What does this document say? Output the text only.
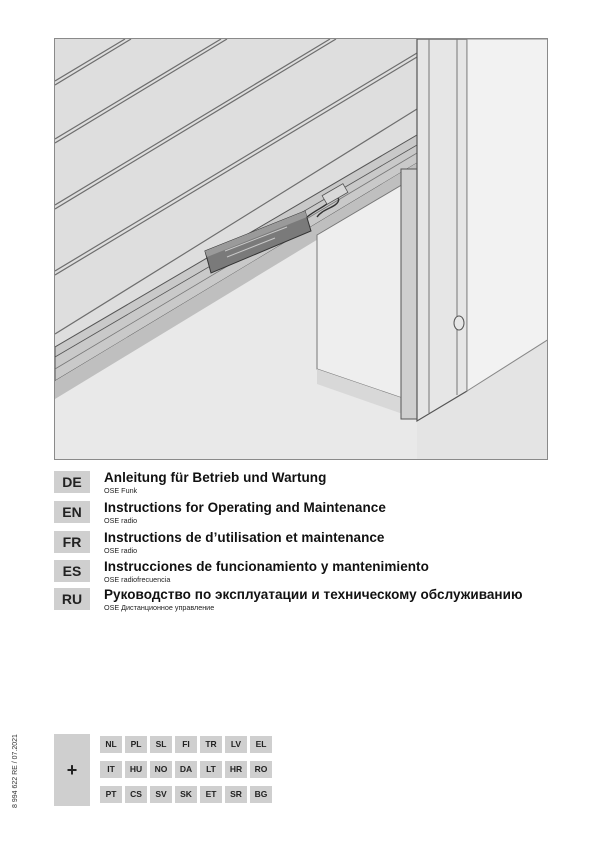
DE	Anleitung für Betrieb und Wartung
OSE Funk
EN	Instructions for Operating and Maintenance
OSE radio
FR	Instructions de d’utilisation et maintenance
OSE radio
ES	Instrucciones de funcionamiento y mantenimiento
OSE radiofrecuencia
RU	Руководство по эксплуатации и техническому обслуживанию
OSE Дистанционное управление
8 994 622 RE / 07.2021	+
NL	PL	SL	FI	TR	LV	EL
IT	HU	NO	DA	LT	HR	RO
PT	CS	SV	SK	ET	SR	BG
